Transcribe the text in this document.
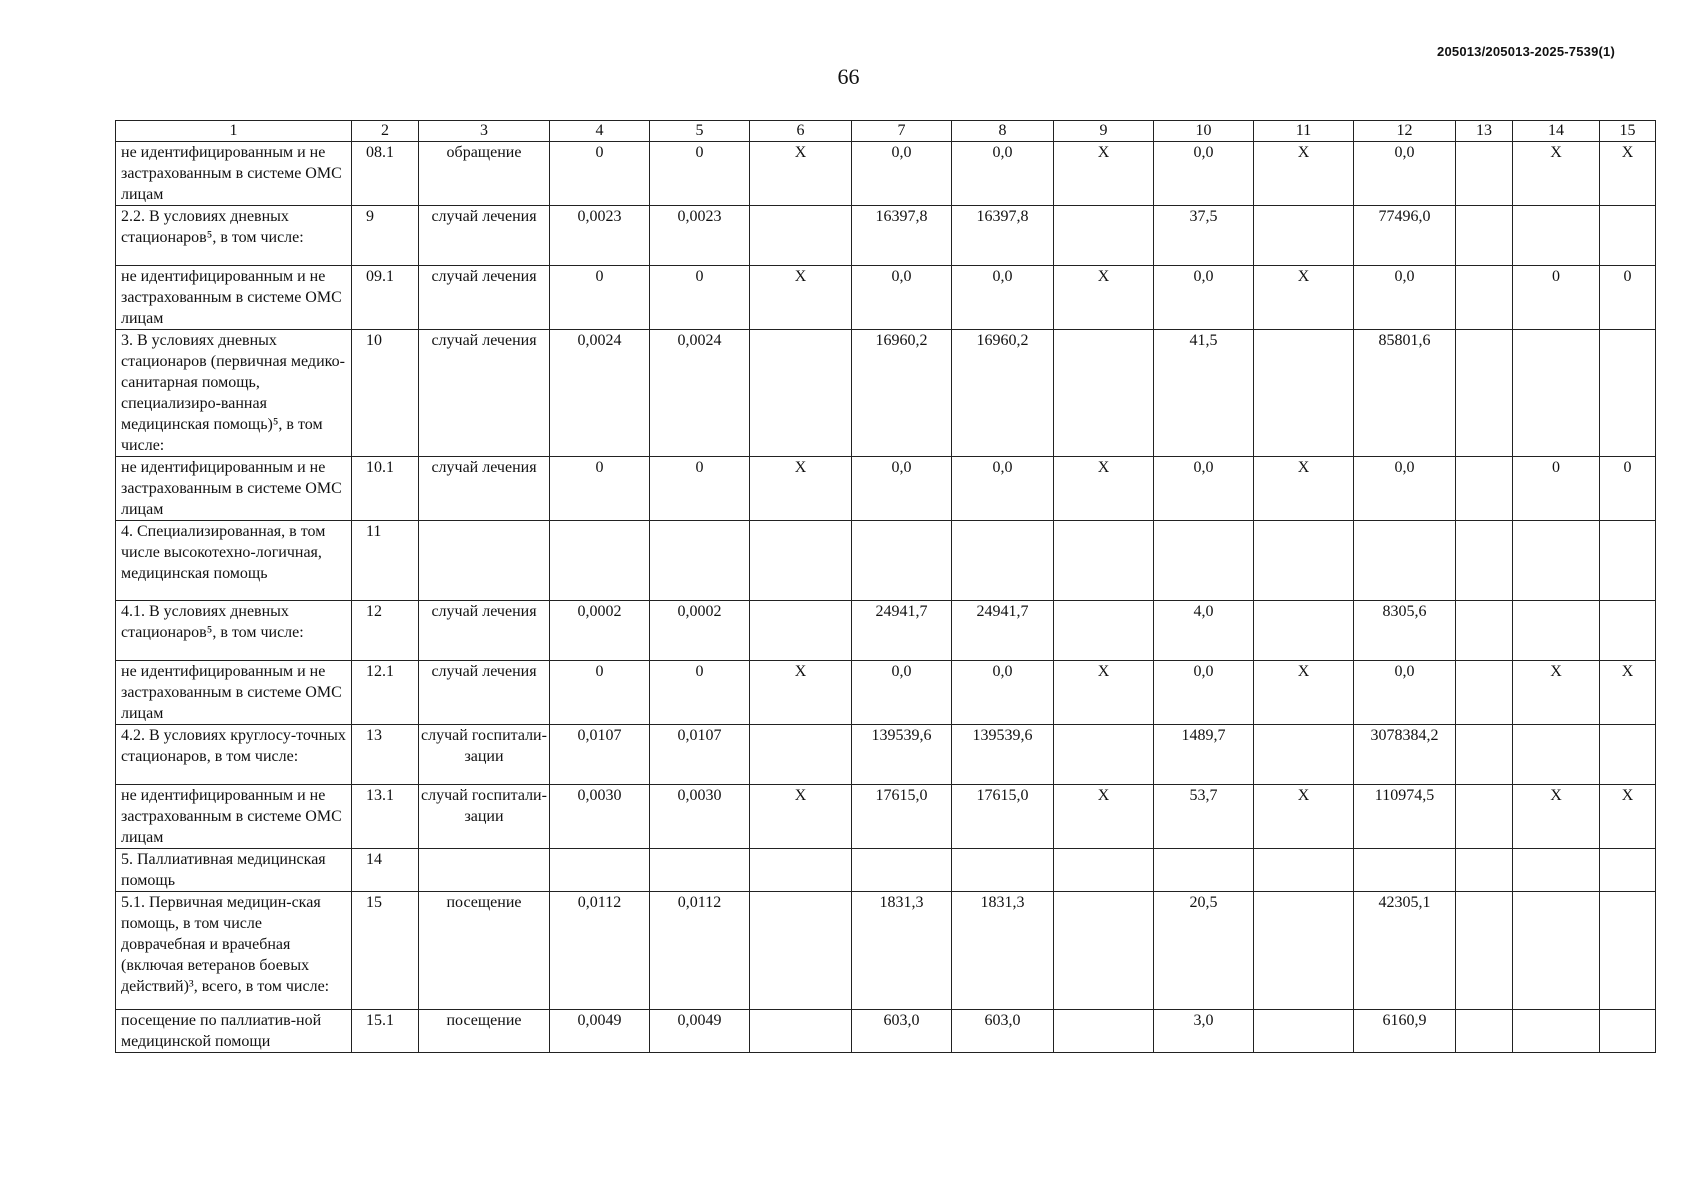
205013/205013-2025-7539(1)
66
1	2	3	4	5	6	7	8	9	10	11	12	13	14	15
не идентифицированным и не застрахованным в системе ОМС лицам	08.1	обращение	0	0	X	0,0	0,0	X	0,0	X	0,0		X	X
2.2. В условиях дневных стационаров⁵, в том числе:	9	случай лечения	0,0023	0,0023		16397,8	16397,8		37,5		77496,0			
не идентифицированным и не застрахованным в системе ОМС лицам	09.1	случай лечения	0	0	X	0,0	0,0	X	0,0	X	0,0		0	0
3. В условиях дневных стационаров (первичная медико-санитарная помощь, специализиро-ванная медицинская помощь)⁵, в том числе:	10	случай лечения	0,0024	0,0024		16960,2	16960,2		41,5		85801,6			
не идентифицированным и не застрахованным в системе ОМС лицам	10.1	случай лечения	0	0	X	0,0	0,0	X	0,0	X	0,0		0	0
4. Специализированная, в том числе высокотехно-логичная, медицинская помощь	11													
4.1. В условиях дневных стационаров⁵, в том числе:	12	случай лечения	0,0002	0,0002		24941,7	24941,7		4,0		8305,6			
не идентифицированным и не застрахованным в системе ОМС лицам	12.1	случай лечения	0	0	X	0,0	0,0	X	0,0	X	0,0		X	X
4.2. В условиях круглосу-точных стационаров, в том числе:	13	случай госпитали-зации	0,0107	0,0107		139539,6	139539,6		1489,7		3078384,2			
не идентифицированным и не застрахованным в системе ОМС лицам	13.1	случай госпитали-зации	0,0030	0,0030	X	17615,0	17615,0	X	53,7	X	110974,5		X	X
5. Паллиативная медицинская помощь	14													
5.1. Первичная медицин-ская помощь, в том числе доврачебная и врачебная (включая ветеранов боевых действий)³, всего, в том числе:	15	посещение	0,0112	0,0112		1831,3	1831,3		20,5		42305,1			
посещение по паллиатив-ной медицинской помощи	15.1	посещение	0,0049	0,0049		603,0	603,0		3,0		6160,9			
